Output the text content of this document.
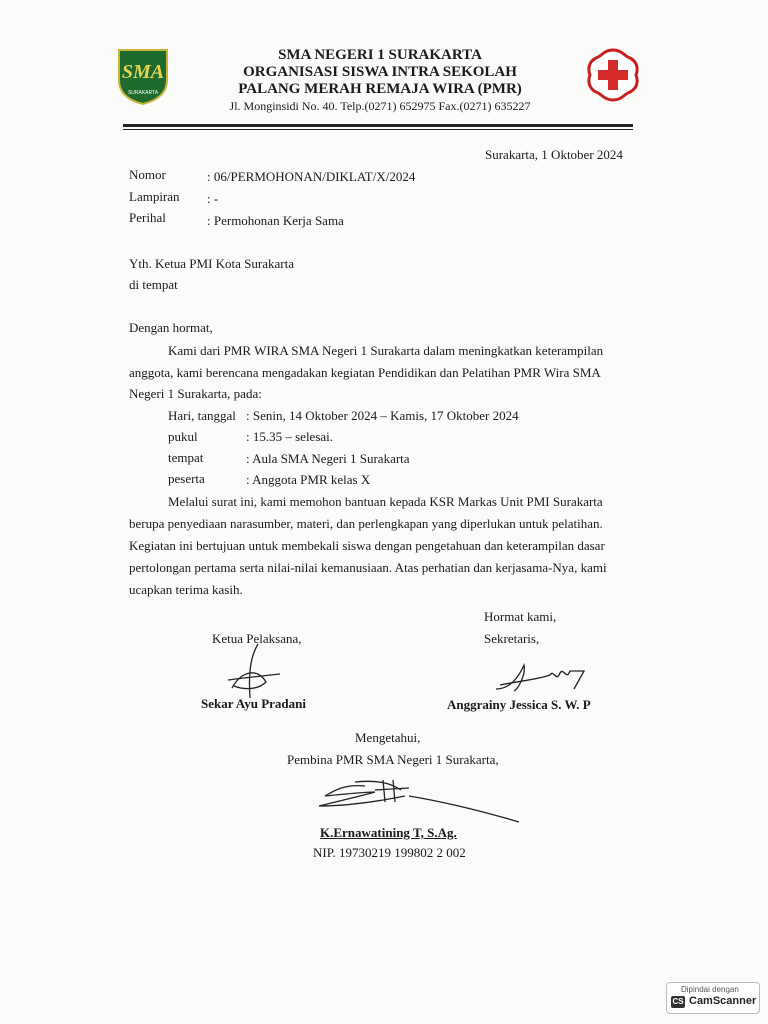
SMA
SURAKARTA
SMA NEGERI 1 SURAKARTA
ORGANISASI SISWA INTRA SEKOLAH
PALANG MERAH REMAJA WIRA (PMR)
Jl. Monginsidi No. 40. Telp.(0271) 652975 Fax.(0271) 635227
Surakarta, 1 Oktober 2024
Nomor	: 06/PERMOHONAN/DIKLAT/X/2024
Lampiran : -
Perihal	: Permohonan Kerja Sama
Yth. Ketua PMI Kota Surakarta
di tempat
Dengan hormat,
Kami dari PMR WIRA SMA Negeri 1 Surakarta dalam meningkatkan keterampilan
anggota, kami berencana mengadakan kegiatan Pendidikan dan Pelatihan PMR Wira SMA
Negeri 1 Surakarta, pada:
Hari, tanggal : Senin, 14 Oktober 2024 – Kamis, 17 Oktober 2024
pukul	: 15.35 – selesai.
tempat	: Aula SMA Negeri 1 Surakarta
peserta	: Anggota PMR kelas X
Melalui surat ini, kami memohon bantuan kepada KSR Markas Unit PMI Surakarta
berupa penyediaan narasumber, materi, dan perlengkapan yang diperlukan untuk pelatihan.
Kegiatan ini bertujuan untuk membekali siswa dengan pengetahuan dan keterampilan dasar
pertolongan pertama serta nilai-nilai kemanusiaan. Atas perhatian dan kerjasama-Nya, kami
ucapkan terima kasih.
Hormat kami,
Ketua Pelaksana,	Sekretaris,
Sekar Ayu Pradani	Anggrainy Jessica S. W. P
Mengetahui,
Pembina PMR SMA Negeri 1 Surakarta,
K.Ernawatining T, S.Ag.
NIP. 19730219 199802 2 002
Dipindai dengan
CS CamScanner
